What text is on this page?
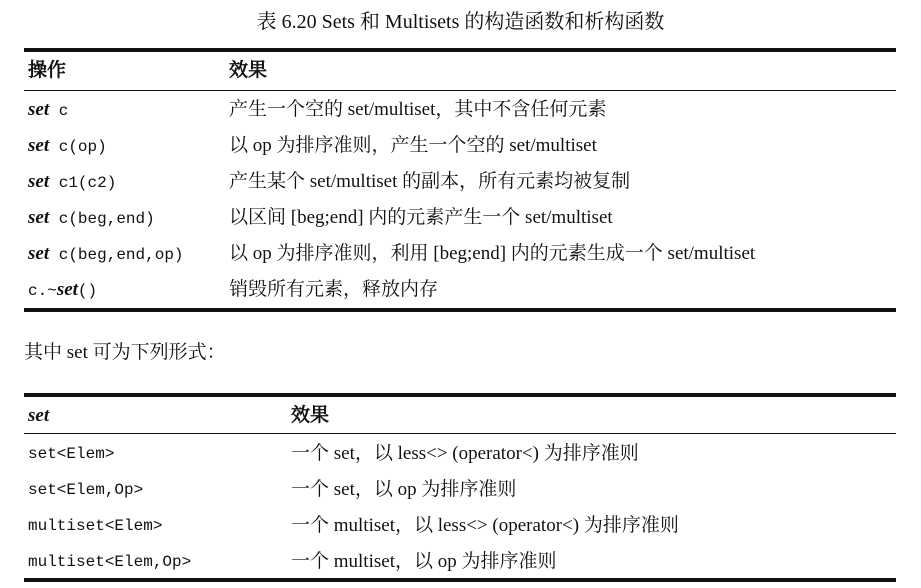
表 6.20 Sets 和 Multisets 的构造函数和析构函数
操作	效果
set c	产生一个空的 set/multiset，其中不含任何元素
set c(op)	以 op 为排序准则，产生一个空的 set/multiset
set c1(c2)	产生某个 set/multiset 的副本，所有元素均被复制
set c(beg,end)	以区间 [beg;end] 内的元素产生一个 set/multiset
set c(beg,end,op) 以 op 为排序准则，利用 [beg;end] 内的元素生成一个 set/multiset
c.~set()	销毁所有元素，释放内存
其中 set 可为下列形式：
set	效果
set<Elem>	一个 set，以 less<> (operator<) 为排序准则
set<Elem,Op>	一个 set，以 op 为排序准则
multiset<Elem>	一个 multiset，以 less<> (operator<) 为排序准则
multiset<Elem,Op>	一个 multiset，以 op 为排序准则
